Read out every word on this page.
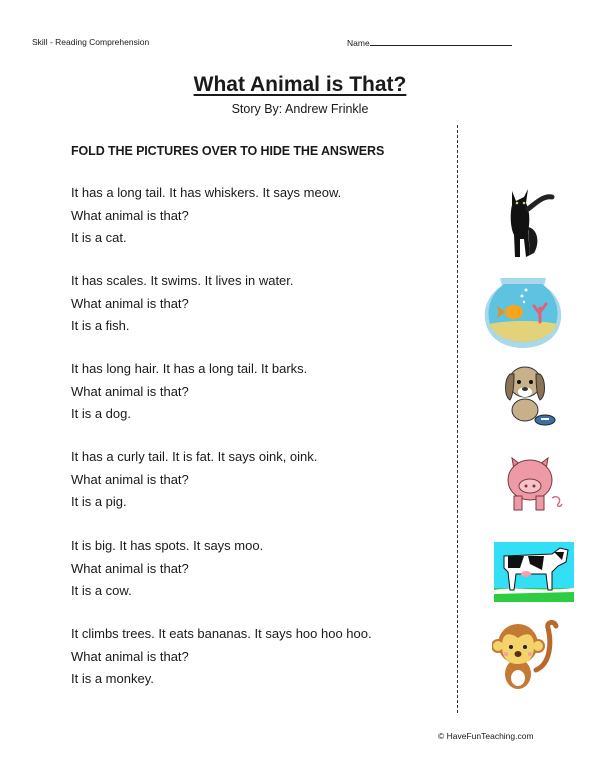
Skill - Reading Comprehension	Name
What Animal is That?
Story By: Andrew Frinkle
FOLD THE PICTURES OVER TO HIDE THE ANSWERS
It has a long tail. It has whiskers. It says meow.
What animal is that?
It is a cat.
It has scales. It swims. It lives in water.
What animal is that?
It is a fish.
It has long hair. It has a long tail. It barks.
What animal is that?
It is a dog.
It has a curly tail. It is fat. It says oink, oink.
What animal is that?
It is a pig.
It is big. It has spots. It says moo.
What animal is that?
It is a cow.
It climbs trees. It eats bananas. It says hoo hoo hoo.
What animal is that?
It is a monkey.
© HaveFunTeaching.com
